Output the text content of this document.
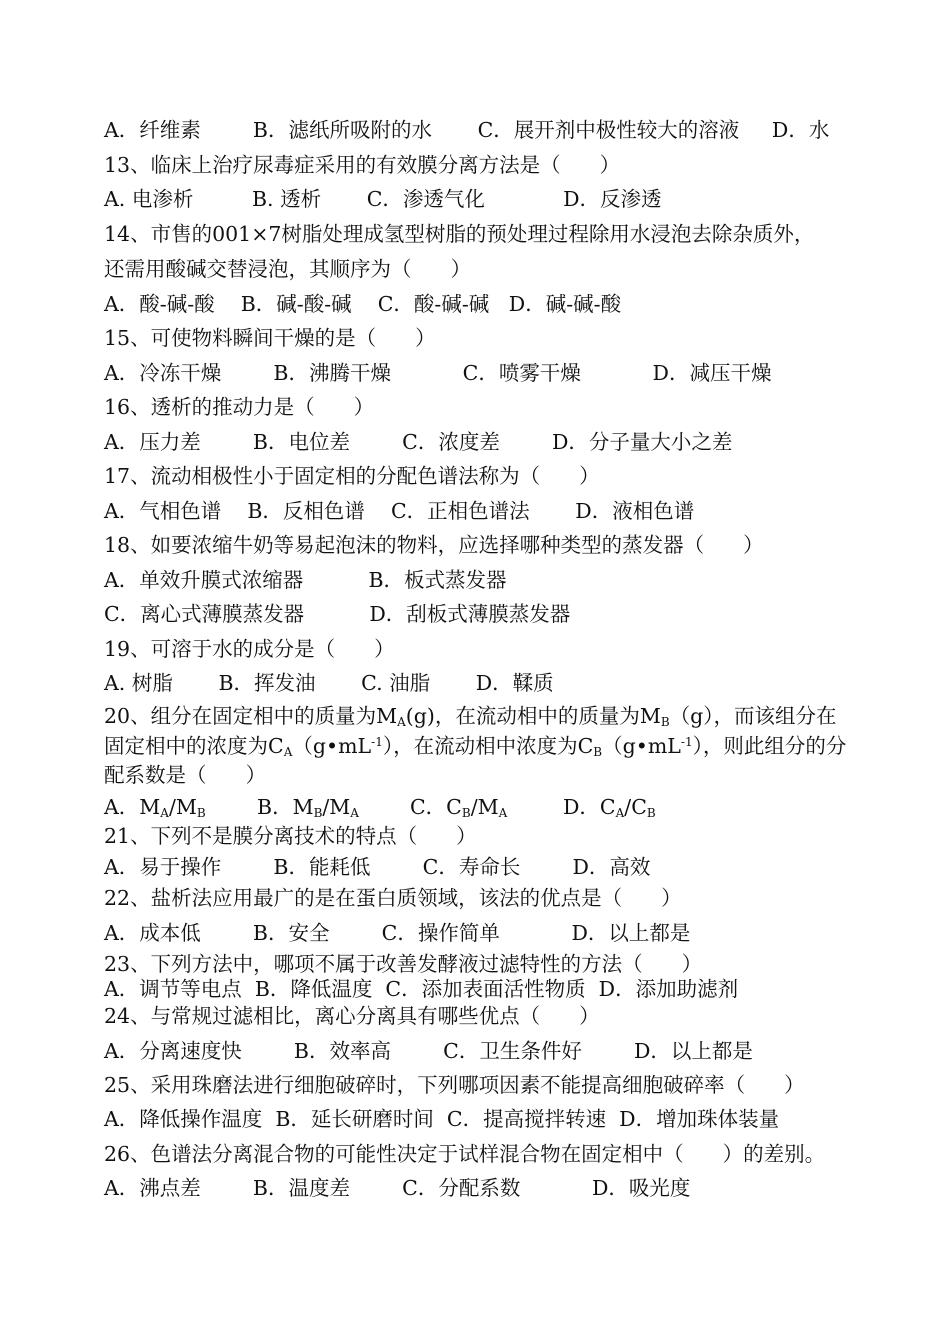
A．纤维素        B．滤纸所吸附的水       C．展开剂中极性较大的溶液     D．水
13、临床上治疗尿毒症采用的有效膜分离方法是（      ）
A. 电渗析         B. 透析       C．渗透气化            D．反渗透
14、市售的001×7树脂处理成氢型树脂的预处理过程除用水浸泡去除杂质外，
还需用酸碱交替浸泡，其顺序为（      ）
A．酸-碱-酸    B．碱-酸-碱    C．酸-碱-碱   D．碱-碱-酸
15、可使物料瞬间干燥的是（      ）
A．冷冻干燥        B．沸腾干燥           C．喷雾干燥           D．减压干燥
16、透析的推动力是（      ）
A．压力差        B．电位差        C．浓度差        D．分子量大小之差
17、流动相极性小于固定相的分配色谱法称为（      ）
A．气相色谱    B．反相色谱    C．正相色谱法       D．液相色谱
18、如要浓缩牛奶等易起泡沫的物料，应选择哪种类型的蒸发器（      ）
A．单效升膜式浓缩器          B．板式蒸发器
C．离心式薄膜蒸发器          D．刮板式薄膜蒸发器
19、可溶于水的成分是（      ）
A. 树脂       B．挥发油       C. 油脂       D．鞣质
20、组分在固定相中的质量为$M_A(g)$，在流动相中的质量为$M_B(g)$，而该组分在
固定相中的浓度为$C_A(g•mL^{-1})$，在流动相中浓度为$C_B(g•mL^{-1})$，则此组分的分
配系数是（      ）
A．$M_A/M_B$	B．$M_B/M_A$ C．$C_B/M_A$	D．$C_A/C_B$
21、下列不是膜分离技术的特点（      ）
A．易于操作        B．能耗低        C．寿命长        D．高效
22、盐析法应用最广的是在蛋白质领域，该法的优点是（      ）
A．成本低        B．安全        C．操作简单           D．以上都是
23、下列方法中，哪项不属于改善发酵液过滤特性的方法（      ）
A．调节等电点  B．降低温度  C．添加表面活性物质  D．添加助滤剂
24、与常规过滤相比，离心分离具有哪些优点（      ）
A．分离速度快        B．效率高        C．卫生条件好        D．以上都是
25、采用珠磨法进行细胞破碎时，下列哪项因素不能提高细胞破碎率（      ）
A．降低操作温度  B．延长研磨时间  C．提高搅拌转速  D．增加珠体装量
26、色谱法分离混合物的可能性决定于试样混合物在固定相中（      ）的差别。
A．沸点差        B．温度差        C．分配系数           D．吸光度
